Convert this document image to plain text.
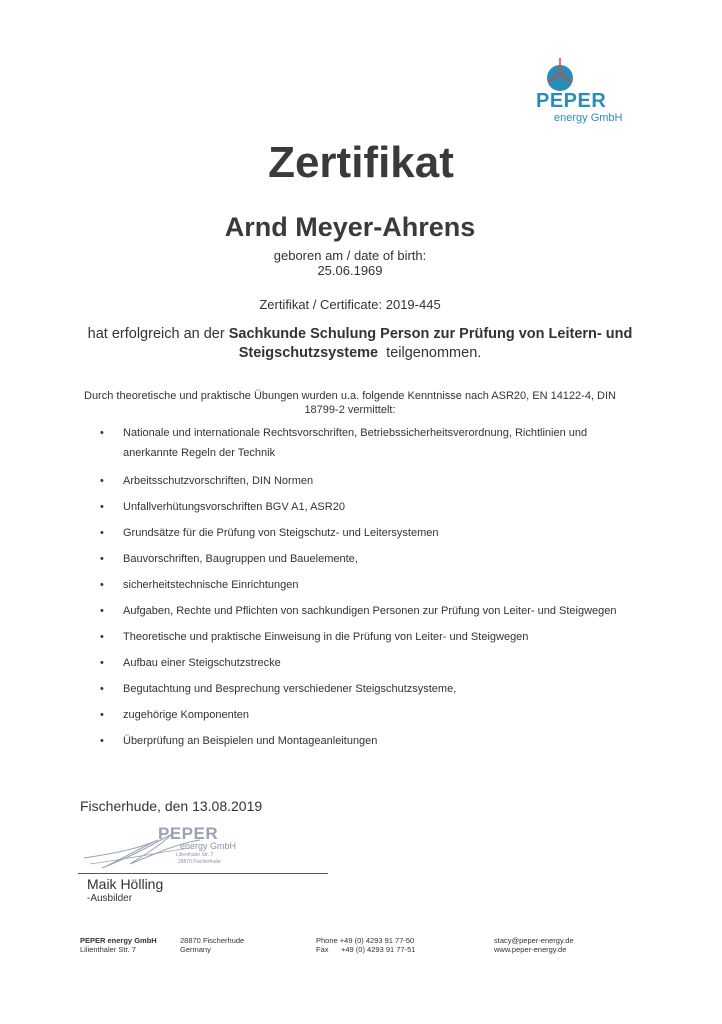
PEPER
energy GmbH
Zertifikat
Arnd Meyer-Ahrens
geboren am / date of birth:
25.06.1969
Zertifikat / Certificate: 2019-445
hat erfolgreich an der Sachkunde Schulung Person zur Prüfung von Leitern- und Steigschutzsysteme  teilgenommen.
Durch theoretische und praktische Übungen wurden u.a. folgende Kenntnisse nach ASR20, EN 14122-4, DIN 18799-2 vermittelt:
• Nationale und internationale Rechtsvorschriften, Betriebssicherheitsverordnung, Richtlinien und anerkannte Regeln der Technik
• Arbeitsschutzvorschriften, DIN Normen
• Unfallverhütungsvorschriften BGV A1, ASR20
• Grundsätze für die Prüfung von Steigschutz- und Leitersystemen
• Bauvorschriften, Baugruppen und Bauelemente,
• sicherheitstechnische Einrichtungen
• Aufgaben, Rechte und Pflichten von sachkundigen Personen zur Prüfung von Leiter- und Steigwegen
• Theoretische und praktische Einweisung in die Prüfung von Leiter- und Steigwegen
• Aufbau einer Steigschutzstrecke
• Begutachtung und Besprechung verschiedener Steigschutzsysteme,
• zugehörige Komponenten
• Überprüfung an Beispielen und Montageanleitungen
Fischerhude, den 13.08.2019
PEPER
energy GmbH
Lilienthaler Str. 7
28870 Fischerhude
Maik Hölling
-Ausbilder
PEPER energy GmbH
Lilienthaler Str. 7
28870 Fischerhude
Germany
Phone +49 (0) 4293 91 77-50
Fax      +49 (0) 4293 91 77-51
stacy@peper-energy.de
www.peper-energy.de
